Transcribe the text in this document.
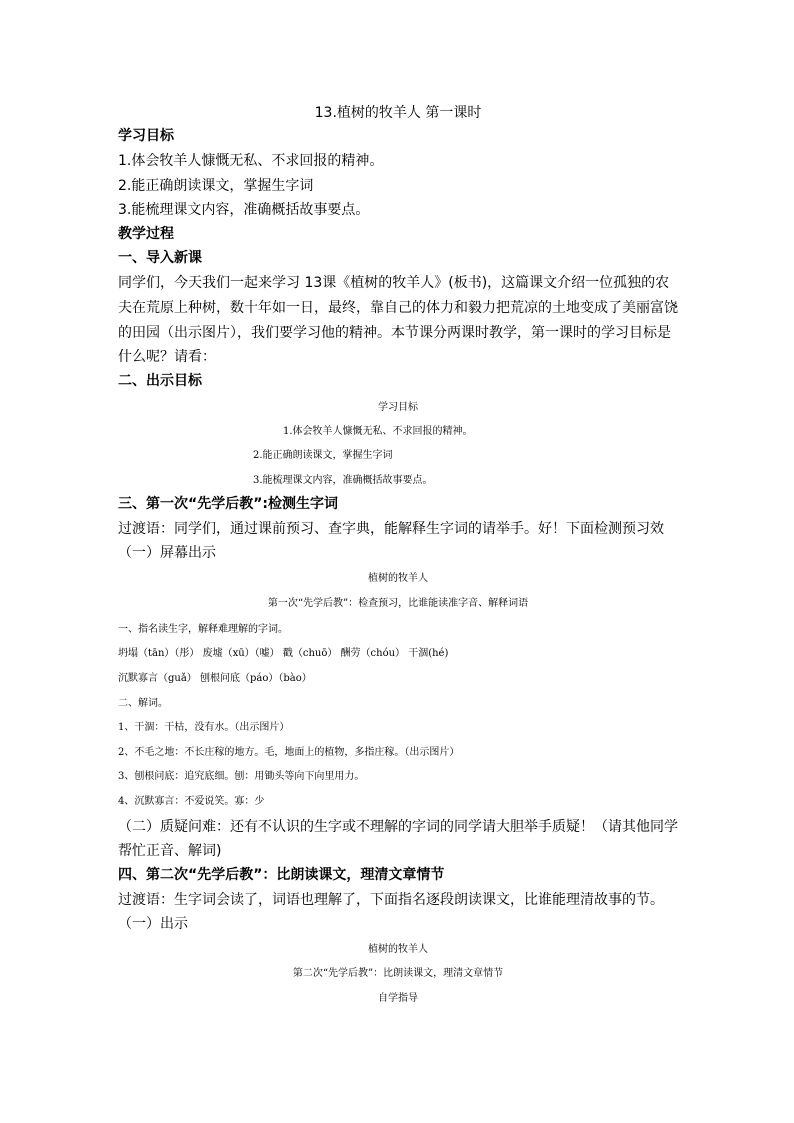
13.植树的牧羊人 第一课时
学习目标
1.体会牧羊人慷慨无私、不求回报的精神。
2.能正确朗读课文，掌握生字词
3.能梳理课文内容，准确概括故事要点。
教学过程
一、导入新课
同学们，今天我们一起来学习 13课《植树的牧羊人》(板书)，这篇课文介绍一位孤独的农
夫在荒原上种树，数十年如一日，最终，靠自己的体力和毅力把荒凉的土地变成了美丽富饶
的田园（出示图片），我们要学习他的精神。本节课分两课时教学，第一课时的学习目标是
什么呢？请看：
二、出示目标
学习目标
1.体会牧羊人慷慨无私、不求回报的精神。
2.能正确朗读课文，掌握生字词
3.能梳理课文内容，准确概括故事要点。
三、第一次“先学后教”:检测生字词
过渡语：同学们，通过课前预习、查字典，能解释生字词的请举手。好！下面检测预习效
（一）屏幕出示
植树的牧羊人
第一次“先学后教”：检查预习，比谁能读准字音、解释词语
一、指名读生字，解释难理解的字词。
坍塌（tān）（彤） 废墟（xū）（嘘） 戳（chuō） 酬劳（chóu） 干涸(hé)
沉默寡言（guǎ） 刨根问底（páo）（bào）
二、解词。
1、干涸：干枯，没有水。（出示图片）
2、不毛之地：不长庄稼的地方。毛，地面上的植物，多指庄稼。（出示图片）
3、刨根问底：追究底细。刨：用锄头等向下向里用力。
4、沉默寡言：不爱说笑。寡：少
（二）质疑问难：还有不认识的生字或不理解的字词的同学请大胆举手质疑！（请其他同学
帮忙正音、解词)
四、第二次“先学后教”：比朗读课文，理清文章情节
过渡语：生字词会读了，词语也理解了，下面指名逐段朗读课文，比谁能理清故事的节。
（一）出示
植树的牧羊人
第二次“先学后教”：比朗读课文，理清文章情节
自学指导
